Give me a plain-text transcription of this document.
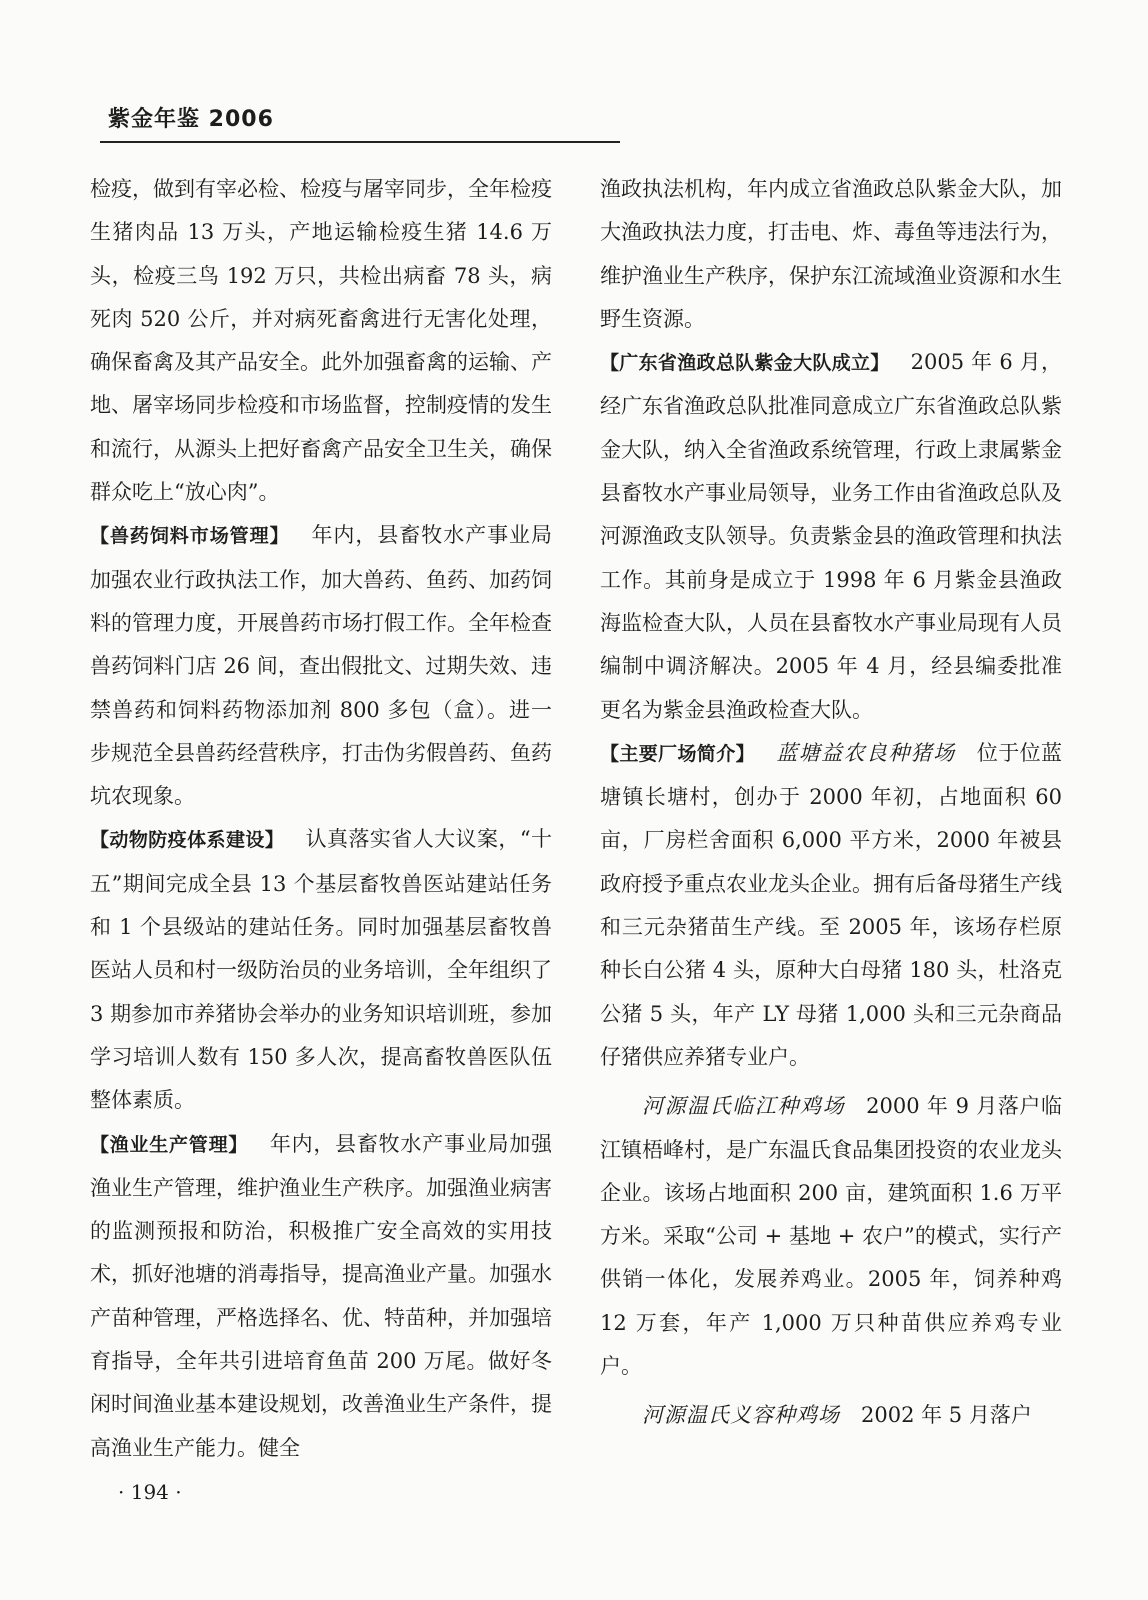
紫金年鉴 2006

检疫，做到有宰必检、检疫与屠宰同步，全年检疫生猪肉品 13 万头，产地运输检疫生猪 14.6 万头，检疫三鸟 192 万只，共检出病畜 78 头，病死肉 520 公斤，并对病死畜禽进行无害化处理，确保畜禽及其产品安全。此外加强畜禽的运输、产地、屠宰场同步检疫和市场监督，控制疫情的发生和流行，从源头上把好畜禽产品安全卫生关，确保群众吃上“放心肉”。

【兽药饲料市场管理】  年内，县畜牧水产事业局加强农业行政执法工作，加大兽药、鱼药、加药饲料的管理力度，开展兽药市场打假工作。全年检查兽药饲料门店 26 间，查出假批文、过期失效、违禁兽药和饲料药物添加剂 800 多包（盒）。进一步规范全县兽药经营秩序，打击伪劣假兽药、鱼药坑农现象。

【动物防疫体系建设】  认真落实省人大议案，“十五”期间完成全县 13 个基层畜牧兽医站建站任务和 1 个县级站的建站任务。同时加强基层畜牧兽医站人员和村一级防治员的业务培训，全年组织了 3 期参加市养猪协会举办的业务知识培训班，参加学习培训人数有 150 多人次，提高畜牧兽医队伍整体素质。

【渔业生产管理】  年内，县畜牧水产事业局加强渔业生产管理，维护渔业生产秩序。加强渔业病害的监测预报和防治，积极推广安全高效的实用技术，抓好池塘的消毒指导，提高渔业产量。加强水产苗种管理，严格选择名、优、特苗种，并加强培育指导，全年共引进培育鱼苗 200 万尾。做好冬闲时间渔业基本建设规划，改善渔业生产条件，提高渔业生产能力。健全

渔政执法机构，年内成立省渔政总队紫金大队，加大渔政执法力度，打击电、炸、毒鱼等违法行为，维护渔业生产秩序，保护东江流域渔业资源和水生野生资源。

【广东省渔政总队紫金大队成立】  2005 年 6 月，经广东省渔政总队批准同意成立广东省渔政总队紫金大队，纳入全省渔政系统管理，行政上隶属紫金县畜牧水产事业局领导，业务工作由省渔政总队及河源渔政支队领导。负责紫金县的渔政管理和执法工作。其前身是成立于 1998 年 6 月紫金县渔政海监检查大队，人员在县畜牧水产事业局现有人员编制中调济解决。2005 年 4 月，经县编委批准更名为紫金县渔政检查大队。

【主要厂场简介】  蓝塘益农良种猪场  位于位蓝塘镇长塘村，创办于 2000 年初，占地面积 60 亩，厂房栏舍面积 6,000 平方米，2000 年被县政府授予重点农业龙头企业。拥有后备母猪生产线和三元杂猪苗生产线。至 2005 年，该场存栏原种长白公猪 4 头，原种大白母猪 180 头，杜洛克公猪 5 头，年产 LY 母猪 1,000 头和三元杂商品仔猪供应养猪专业户。

河源温氏临江种鸡场  2000 年 9 月落户临江镇梧峰村，是广东温氏食品集团投资的农业龙头企业。该场占地面积 200 亩，建筑面积 1.6 万平方米。采取“公司 + 基地 + 农户”的模式，实行产供销一体化，发展养鸡业。2005 年，饲养种鸡 12 万套，年产 1,000 万只种苗供应养鸡专业户。

河源温氏义容种鸡场  2002 年 5 月落户

· 194 ·
